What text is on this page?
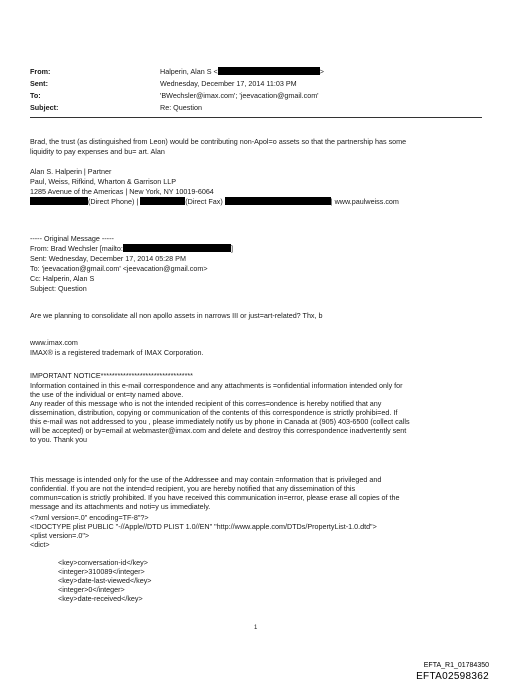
From:	Halperin, Alan S <	>
Sent:	Wednesday, December 17, 2014 11:03 PM
To:	'BWechsler@imax.com'; 'jeevacation@gmail.com'
Subject:	Re: Question
Brad, the trust (as distinguished from Leon) would be contributing non-Apol=o assets so that the partnership has some
liquidity to pay expenses and bu= art. Alan
Alan S. Halperin | Partner
Paul, Weiss, Rifkind, Wharton & Garrison LLP
1285 Avenue of the Americas | New York, NY 10019-6064
(Direct Phone) |	(Direct Fax)	| www.paulweiss.com
----- Original Message -----
From: Brad Wechsler [mailto:	]
Sent: Wednesday, December 17, 2014 05:28 PM
To: 'jeevacation@gmail.com' <jeevacation@gmail.com>
Cc: Halperin, Alan S
Subject: Question
Are we planning to consolidate all non apollo assets in narrows III or just=art-related? Thx, b
www.imax.com
IMAX® is a registered trademark of IMAX Corporation.
IMPORTANT NOTICE*********************************
Information contained in this e-mail correspondence and any attachments is =onfidential information intended only for
the use of the individual or ent=ty named above.
Any reader of this message who is not the intended recipient of this corres=ondence is hereby notified that any
dissemination, distribution, copying or communication of the contents of this correspondence is strictly prohibi=ed. If
this e-mail was not addressed to you , please immediately notify us by phone in Canada at (905) 403-6500 (collect calls
will be accepted) or by=email at webmaster@imax.com and delete and destroy this correspondence inadvertently sent
to you. Thank you
This message is intended only for the use of the Addressee and may contain =nformation that is privileged and
confidential. If you are not the intend=d recipient, you are hereby notified that any dissemination of this
commun=cation is strictly prohibited. If you have received this communication in=error, please erase all copies of the
message and its attachments and noti=y us immediately.
<?xml version=.0" encoding=TF-8"?>
<!DOCTYPE plist PUBLIC "-//Apple//DTD PLIST 1.0//EN" "http://www.apple.com/DTDs/PropertyList-1.0.dtd">
<plist version=.0">
<dict>
<key>conversation-id</key>
<integer>310089</integer>
<key>date-last-viewed</key>
<integer>0</integer>
<key>date-received</key>
1
EFTA_R1_01784350
EFTA02598362
